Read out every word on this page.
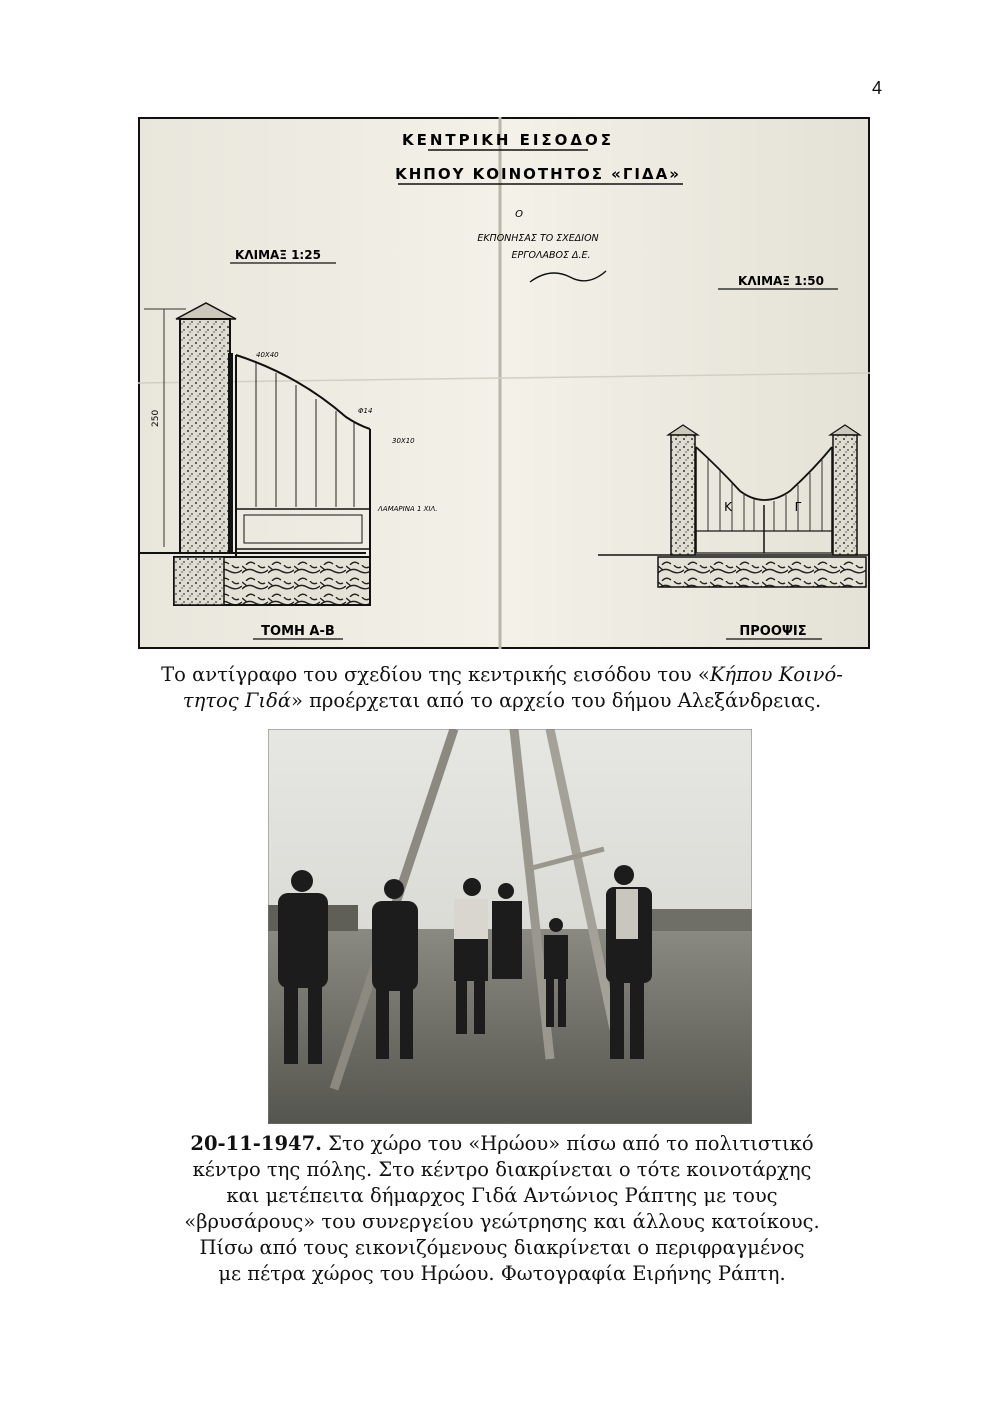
4
ΚΕΝΤΡΙΚΗ ΕΙΣΟΔΟΣ
ΚΗΠΟΥ ΚΟΙΝΟΤΗΤΟΣ «ΓΙΔΑ»
Ο
ΕΚΠΟΝΗΣΑΣ ΤΟ ΣΧΕΔΙΟΝ
ΕΡΓΟΛΑΒΟΣ Δ.Ε.
ΚΛΙΜΑΞ 1:25
ΚΛΙΜΑΞ 1:50
250
40X40
Φ14
30X10
ΛΑΜΑΡΙΝΑ 1 ΧΙΛ.
ΤΟΜΗ Α-Β
Κ	Γ
ΠΡΟΟΨΙΣ
Το αντίγραφο του σχεδίου της κεντρικής εισόδου του «Κήπου Κοινό-
τητος Γιδά» προέρχεται από το αρχείο του δήμου Αλεξάνδρειας.
20-11-1947. Στο χώρο του «Ηρώου» πίσω από το πολιτιστικό
κέντρο της πόλης. Στο κέντρο διακρίνεται ο τότε κοινοτάρχης
και μετέπειτα δήμαρχος Γιδά Αντώνιος Ράπτης με τους
«βρυσάρους» του συνεργείου γεώτρησης και άλλους κατοίκους.
Πίσω από τους εικονιζόμενους διακρίνεται ο περιφραγμένος
με πέτρα χώρος του Ηρώου. Φωτογραφία Ειρήνης Ράπτη.
